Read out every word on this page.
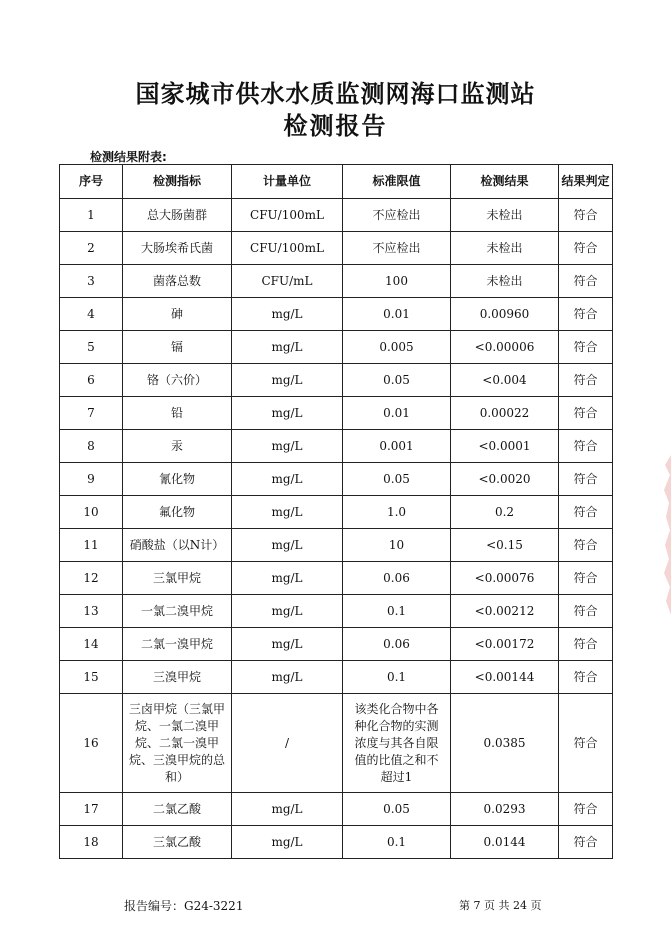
国家城市供水水质监测网海口监测站
检测报告
检测结果附表:
序号	检测指标	计量单位	标准限值	检测结果	结果判定
1	总大肠菌群	CFU/100mL	不应检出	未检出	符合
2	大肠埃希氏菌	CFU/100mL	不应检出	未检出	符合
3	菌落总数	CFU/mL	100	未检出	符合
4	砷	mg/L	0.01	0.00960	符合
5	镉	mg/L	0.005	<0.00006	符合
6	铬（六价）	mg/L	0.05	<0.004	符合
7	铅	mg/L	0.01	0.00022	符合
8	汞	mg/L	0.001	<0.0001	符合
9	氰化物	mg/L	0.05	<0.0020	符合
10	氟化物	mg/L	1.0	0.2	符合
11	硝酸盐（以N计）	mg/L	10	<0.15	符合
12	三氯甲烷	mg/L	0.06	<0.00076	符合
13	一氯二溴甲烷	mg/L	0.1	<0.00212	符合
14	二氯一溴甲烷	mg/L	0.06	<0.00172	符合
15	三溴甲烷	mg/L	0.1	<0.00144	符合
16	三卤甲烷（三氯甲烷、一氯二溴甲烷、二氯一溴甲烷、三溴甲烷的总和）	/	该类化合物中各种化合物的实测浓度与其各自限值的比值之和不超过1	0.0385	符合
17	二氯乙酸	mg/L	0.05	0.0293	符合
18	三氯乙酸	mg/L	0.1	0.0144	符合
报告编号：G24-3221	第 7 页 共 24 页
